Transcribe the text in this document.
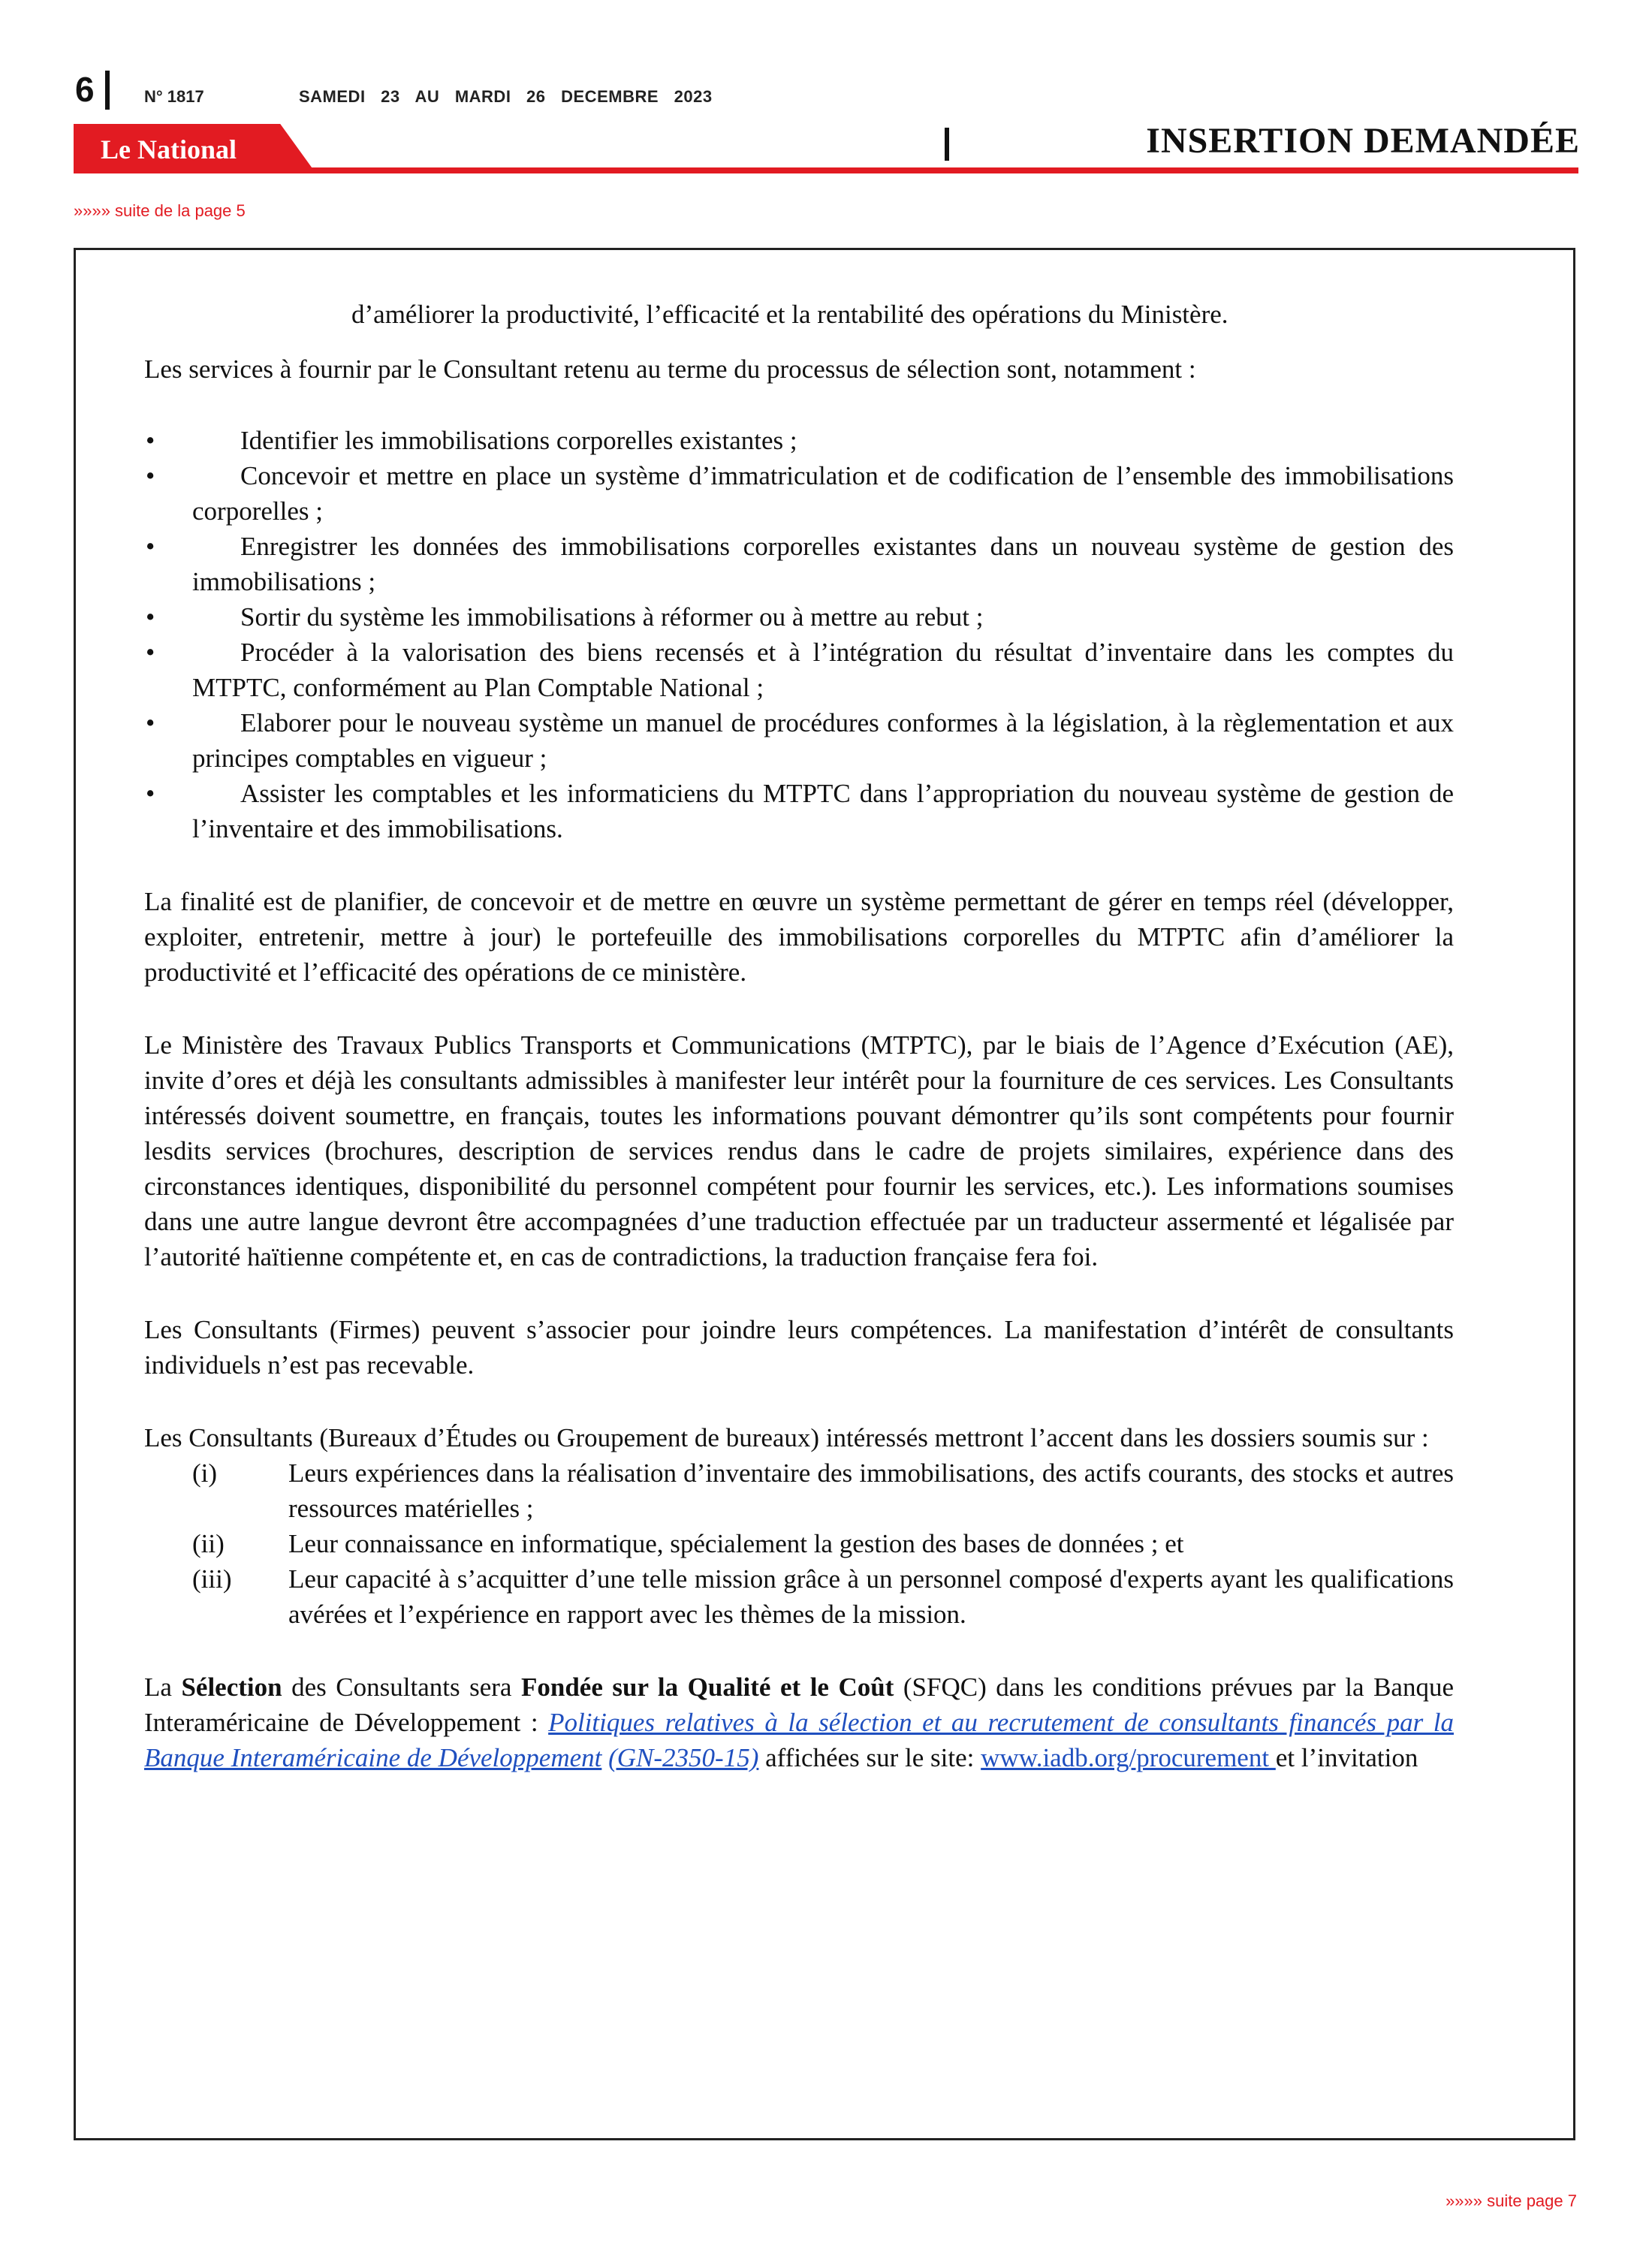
6	N° 1817	SAMEDI 23 AU MARDI 26 DECEMBRE 2023
Le National	INSERTION DEMANDÉE
»»»» suite de la page 5

d’améliorer la productivité, l’efficacité et la rentabilité des opérations du Ministère.

Les services à fournir par le Consultant retenu au terme du processus de sélection sont, notamment :

•	Identifier les immobilisations corporelles existantes ;
•	Concevoir et mettre en place un système d’immatriculation et de codification de l’ensemble des immobilisations corporelles ;
•	Enregistrer les données des immobilisations corporelles existantes dans un nouveau système de gestion des immobilisations ;
•	Sortir du système les immobilisations à réformer ou à mettre au rebut ;
•	Procéder à la valorisation des biens recensés et à l’intégration du résultat d’inventaire dans les comptes du MTPTC, conformément au Plan Comptable National ;
•	Elaborer pour le nouveau système un manuel de procédures conformes à la législation, à la règlementation et aux principes comptables en vigueur ;
•	Assister les comptables et les informaticiens du MTPTC dans l’appropriation du nouveau système de gestion de l’inventaire et des immobilisations.

La finalité est de planifier, de concevoir et de mettre en œuvre un système permettant de gérer en temps réel (développer, exploiter, entretenir, mettre à jour) le portefeuille des immobilisations corporelles du MTPTC afin d’améliorer la productivité et l’efficacité des opérations de ce ministère.

Le Ministère des Travaux Publics Transports et Communications (MTPTC), par le biais de l’Agence d’Exécution (AE), invite d’ores et déjà les consultants admissibles à manifester leur intérêt pour la fourniture de ces services. Les Consultants intéressés doivent soumettre, en français, toutes les informations pouvant démontrer qu’ils sont compétents pour fournir lesdits services (brochures, description de services rendus dans le cadre de projets similaires, expérience dans des circonstances identiques, disponibilité du personnel compétent pour fournir les services, etc.). Les informations soumises dans une autre langue devront être accompagnées d’une traduction effectuée par un traducteur assermenté et légalisée par l’autorité haïtienne compétente et, en cas de contradictions, la traduction française fera foi.

Les Consultants (Firmes) peuvent s’associer pour joindre leurs compétences. La manifestation d’intérêt de consultants individuels n’est pas recevable.

Les Consultants (Bureaux d’Études ou Groupement de bureaux) intéressés mettront l’accent dans les dossiers soumis sur :

(i)	Leurs expériences dans la réalisation d’inventaire des immobilisations, des actifs courants, des stocks et autres ressources matérielles ;
(ii) Leur connaissance en informatique, spécialement la gestion des bases de données ; et
(iii) Leur capacité à s’acquitter d’une telle mission grâce à un personnel composé d'experts ayant les qualifications avérées et l’expérience en rapport avec les thèmes de la mission.

La Sélection des Consultants sera Fondée sur la Qualité et le Coût (SFQC) dans les conditions prévues par la Banque Interaméricaine de Développement : Politiques relatives à la sélection et au recrutement de consultants financés par la Banque Interaméricaine de Développement (GN-2350-15) affichées sur le site: www.iadb.org/procurement et l’invitation

»»»» suite page 7
